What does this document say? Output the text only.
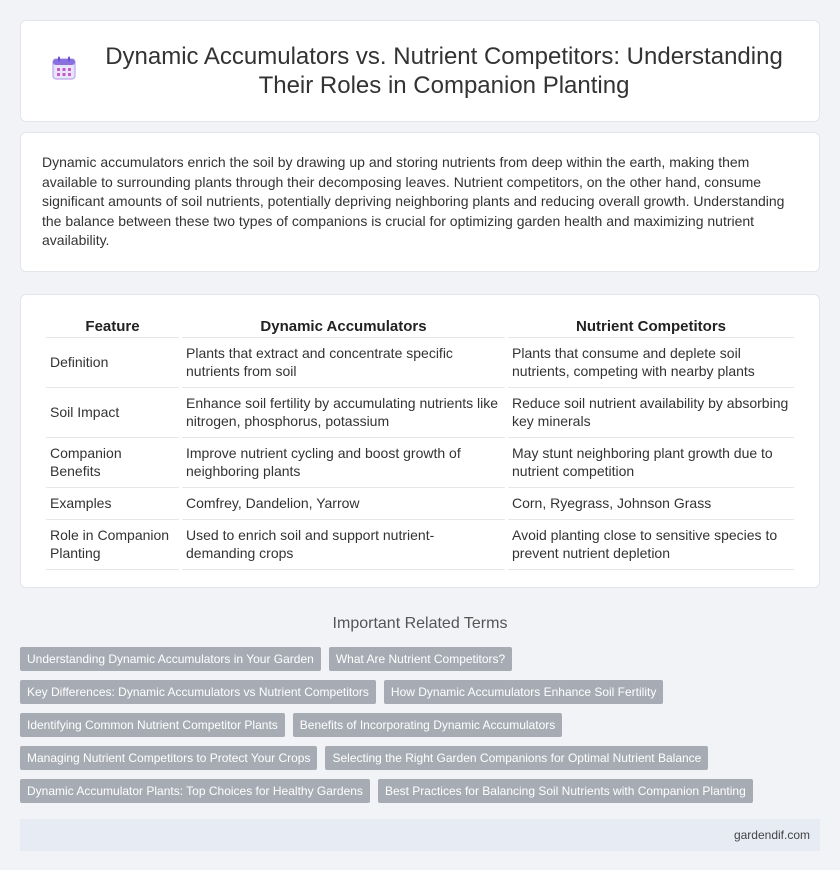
Dynamic Accumulators vs. Nutrient Competitors: Understanding Their Roles in Companion Planting

Dynamic accumulators enrich the soil by drawing up and storing nutrients from deep within the earth, making them available to surrounding plants through their decomposing leaves. Nutrient competitors, on the other hand, consume significant amounts of soil nutrients, potentially depriving neighboring plants and reducing overall growth. Understanding the balance between these two types of companions is crucial for optimizing garden health and maximizing nutrient availability.

Feature	Dynamic Accumulators	Nutrient Competitors
Definition	Plants that extract and concentrate specific nutrients from soil	Plants that consume and deplete soil nutrients, competing with nearby plants
Soil Impact	Enhance soil fertility by accumulating nutrients like nitrogen, phosphorus, potassium	Reduce soil nutrient availability by absorbing key minerals
Companion Benefits	Improve nutrient cycling and boost growth of neighboring plants	May stunt neighboring plant growth due to nutrient competition
Examples	Comfrey, Dandelion, Yarrow	Corn, Ryegrass, Johnson Grass
Role in Companion Planting	Used to enrich soil and support nutrient-demanding crops	Avoid planting close to sensitive species to prevent nutrient depletion
Important Related Terms
Understanding Dynamic Accumulators in Your Garden	What Are Nutrient Competitors?
Key Differences: Dynamic Accumulators vs Nutrient Competitors	How Dynamic Accumulators Enhance Soil Fertility
Identifying Common Nutrient Competitor Plants	Benefits of Incorporating Dynamic Accumulators
Managing Nutrient Competitors to Protect Your Crops	Selecting the Right Garden Companions for Optimal Nutrient Balance
Dynamic Accumulator Plants: Top Choices for Healthy Gardens	Best Practices for Balancing Soil Nutrients with Companion Planting
gardendif.com
